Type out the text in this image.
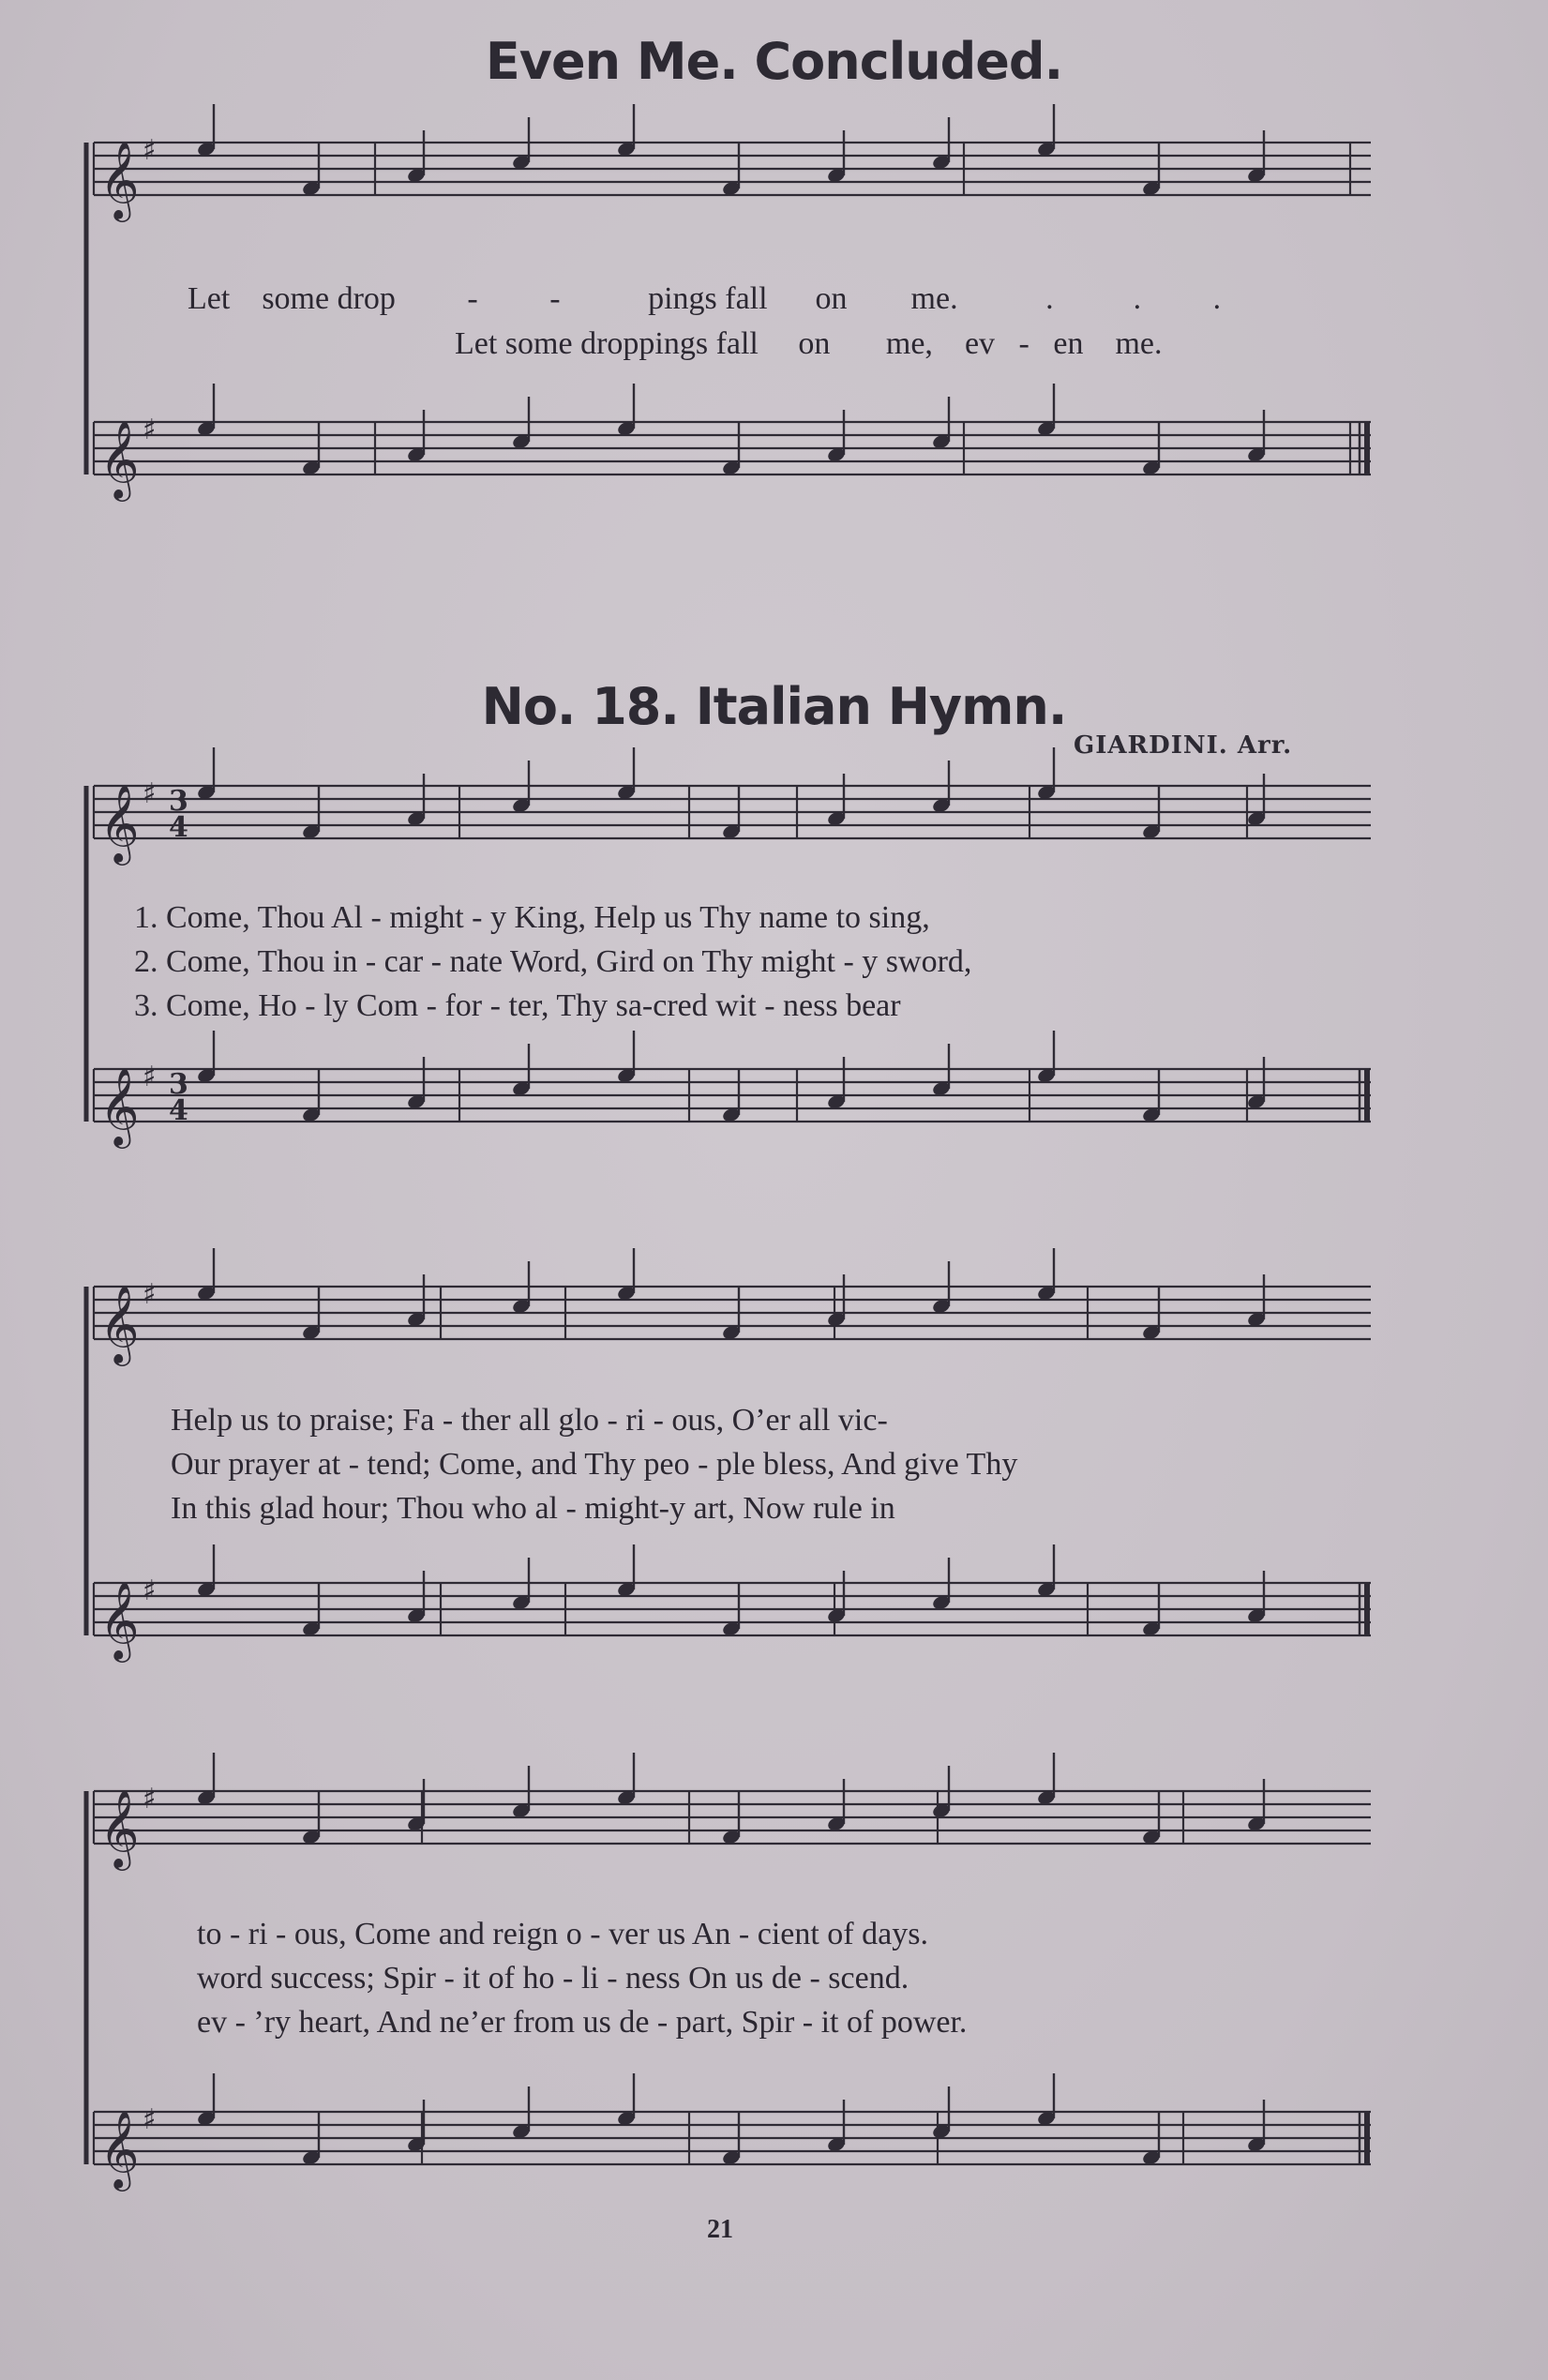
Even Me. Concluded.
No. 18. Italian Hymn.
GIARDINI. Arr.
𝄞 ♯
𝄞 ♯
𝄞 ♯
𝄞 ♯
𝄞 ♯
𝄞 ♯
𝄞 ♯
𝄞 ♯
3
4
3
4
Let some drop - -	pings fall on me.	.	. .
Let some droppings fall on me, ev - en me.
1. Come, Thou Al - might - y King, Help us Thy name to sing,
2. Come, Thou in - car - nate Word, Gird on Thy might - y sword,
3. Come, Ho - ly Com - for - ter, Thy sa-cred wit - ness bear
Help us to praise; Fa - ther all glo - ri - ous, O’er all vic-
Our prayer at - tend; Come, and Thy peo - ple bless, And give Thy
In this glad hour; Thou who al - might-y art, Now rule in
to - ri - ous, Come and reign o - ver us An - cient of days.
word success; Spir - it of ho - li - ness On us de - scend.
ev - ’ry heart, And ne’er from us de - part, Spir - it of power.
21
